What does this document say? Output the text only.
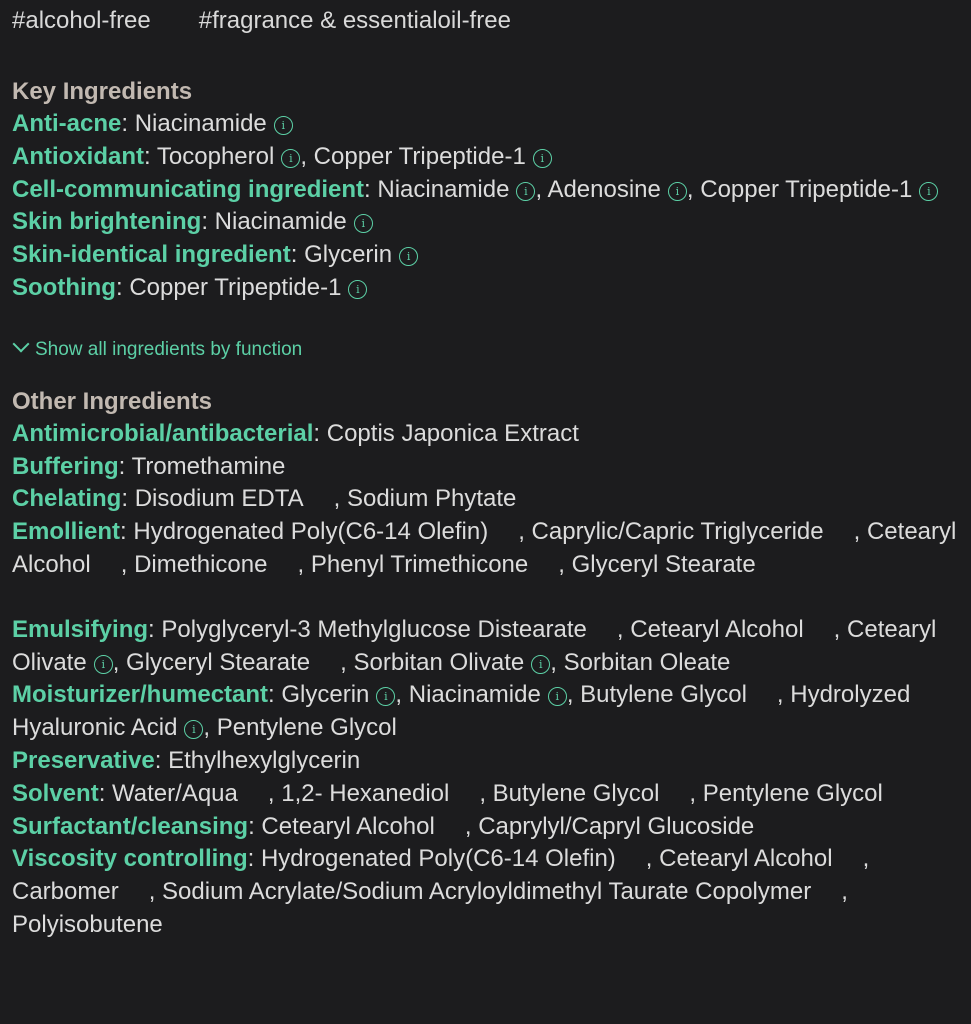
#alcohol-free #fragrance & essentialoil-free
Key Ingredients
Anti-acne: Niacinamide i
Antioxidant: Tocopherol i , Copper Tripeptide-1 i
Cell-communicating ingredient: Niacinamide i , Adenosine i , Copper Tripeptide-1 i
Skin brightening: Niacinamide i
Skin-identical ingredient: Glycerin i
Soothing: Copper Tripeptide-1 i
Show all ingredients by function
Other Ingredients
Antimicrobial/antibacterial: Coptis Japonica Extract
Buffering: Tromethamine
Chelating: Disodium EDTA , Sodium Phytate
Emollient: Hydrogenated Poly(C6-14 Olefin) , Caprylic/Capric Triglyceride , Cetearyl Alcohol , Dimethicone , Phenyl Trimethicone , Glyceryl Stearate
Emulsifying: Polyglyceryl-3 Methylglucose Distearate , Cetearyl Alcohol , Cetearyl Olivate i , Glyceryl Stearate , Sorbitan Olivate i , Sorbitan Oleate
Moisturizer/humectant: Glycerin i , Niacinamide i , Butylene Glycol , Hydrolyzed Hyaluronic Acid i , Pentylene Glycol
Preservative: Ethylhexylglycerin
Solvent: Water/Aqua , 1,2- Hexanediol , Butylene Glycol , Pentylene Glycol
Surfactant/cleansing: Cetearyl Alcohol , Caprylyl/Capryl Glucoside
Viscosity controlling: Hydrogenated Poly(C6-14 Olefin) , Cetearyl Alcohol , Carbomer , Sodium Acrylate/Sodium Acryloyldimethyl Taurate Copolymer , Polyisobutene
